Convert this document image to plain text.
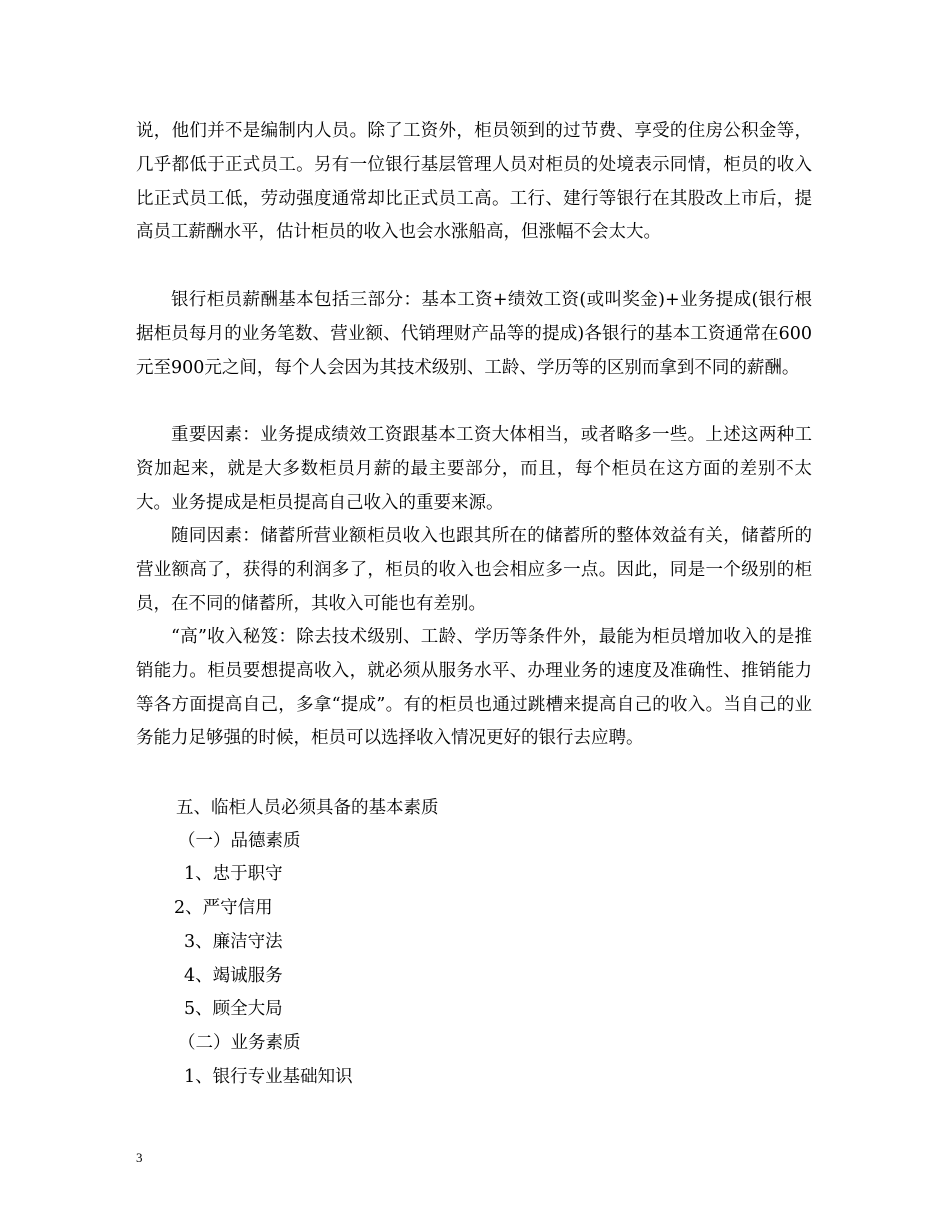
说，他们并不是编制内人员。除了工资外，柜员领到的过节费、享受的住房公积金等，几乎都低于正式员工。另有一位银行基层管理人员对柜员的处境表示同情，柜员的收入比正式员工低，劳动强度通常却比正式员工高。工行、建行等银行在其股改上市后，提高员工薪酬水平，估计柜员的收入也会水涨船高，但涨幅不会太大。

银行柜员薪酬基本包括三部分：基本工资+绩效工资(或叫奖金)+业务提成(银行根据柜员每月的业务笔数、营业额、代销理财产品等的提成)各银行的基本工资通常在600元至900元之间，每个人会因为其技术级别、工龄、学历等的区别而拿到不同的薪酬。

重要因素：业务提成绩效工资跟基本工资大体相当，或者略多一些。上述这两种工资加起来，就是大多数柜员月薪的最主要部分，而且，每个柜员在这方面的差别不太大。业务提成是柜员提高自己收入的重要来源。

随同因素：储蓄所营业额柜员收入也跟其所在的储蓄所的整体效益有关，储蓄所的营业额高了，获得的利润多了，柜员的收入也会相应多一点。因此，同是一个级别的柜员，在不同的储蓄所，其收入可能也有差别。

“高”收入秘笈：除去技术级别、工龄、学历等条件外，最能为柜员增加收入的是推销能力。柜员要想提高收入，就必须从服务水平、办理业务的速度及准确性、推销能力等各方面提高自己，多拿“提成”。有的柜员也通过跳槽来提高自己的收入。当自己的业务能力足够强的时候，柜员可以选择收入情况更好的银行去应聘。

五、临柜人员必须具备的基本素质

（一）品德素质

1、忠于职守

2、严守信用

3、廉洁守法

4、竭诚服务

5、顾全大局

（二）业务素质

1、银行专业基础知识

3
